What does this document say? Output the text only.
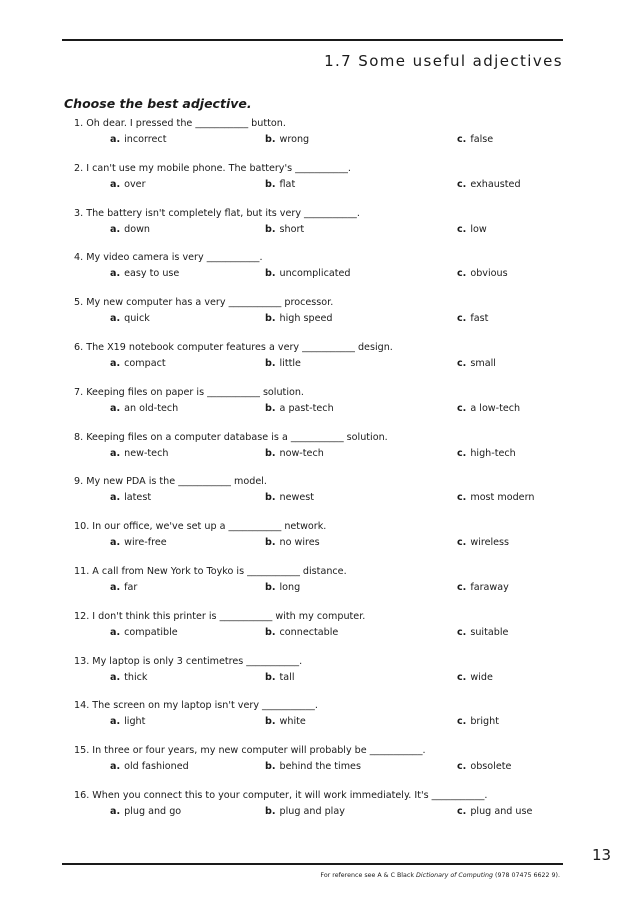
1.7 Some useful adjectives
Choose the best adjective.
1. Oh dear. I pressed the ___________ button.
a. incorrect	b. wrong	c. false
2. I can't use my mobile phone. The battery's ___________.
a. over	b. flat	c. exhausted
3. The battery isn't completely flat, but its very ___________.
a. down	b. short	c. low
4. My video camera is very ___________.
a. easy to use	b. uncomplicated	c. obvious
5. My new computer has a very ___________ processor.
a. quick	b. high speed	c. fast
6. The X19 notebook computer features a very ___________ design.
a. compact	b. little	c. small
7. Keeping files on paper is ___________ solution.
a. an old-tech	b. a past-tech	c. a low-tech
8. Keeping files on a computer database is a ___________ solution.
a. new-tech	b. now-tech	c. high-tech
9. My new PDA is the ___________ model.
a. latest	b. newest	c. most modern
10. In our office, we've set up a ___________ network.
a. wire-free	b. no wires	c. wireless
11. A call from New York to Toyko is ___________ distance.
a. far	b. long	c. faraway
12. I don't think this printer is ___________ with my computer.
a. compatible	b. connectable	c. suitable
13. My laptop is only 3 centimetres ___________.
a. thick	b. tall	c. wide
14. The screen on my laptop isn't very ___________.
a. light	b. white	c. bright
15. In three or four years, my new computer will probably be ___________.
a. old fashioned	b. behind the times	c. obsolete
16. When you connect this to your computer, it will work immediately. It's ___________.
a. plug and go	b. plug and play	c. plug and use
13
For reference see A & C Black Dictionary of Computing (978 07475 6622 9).
